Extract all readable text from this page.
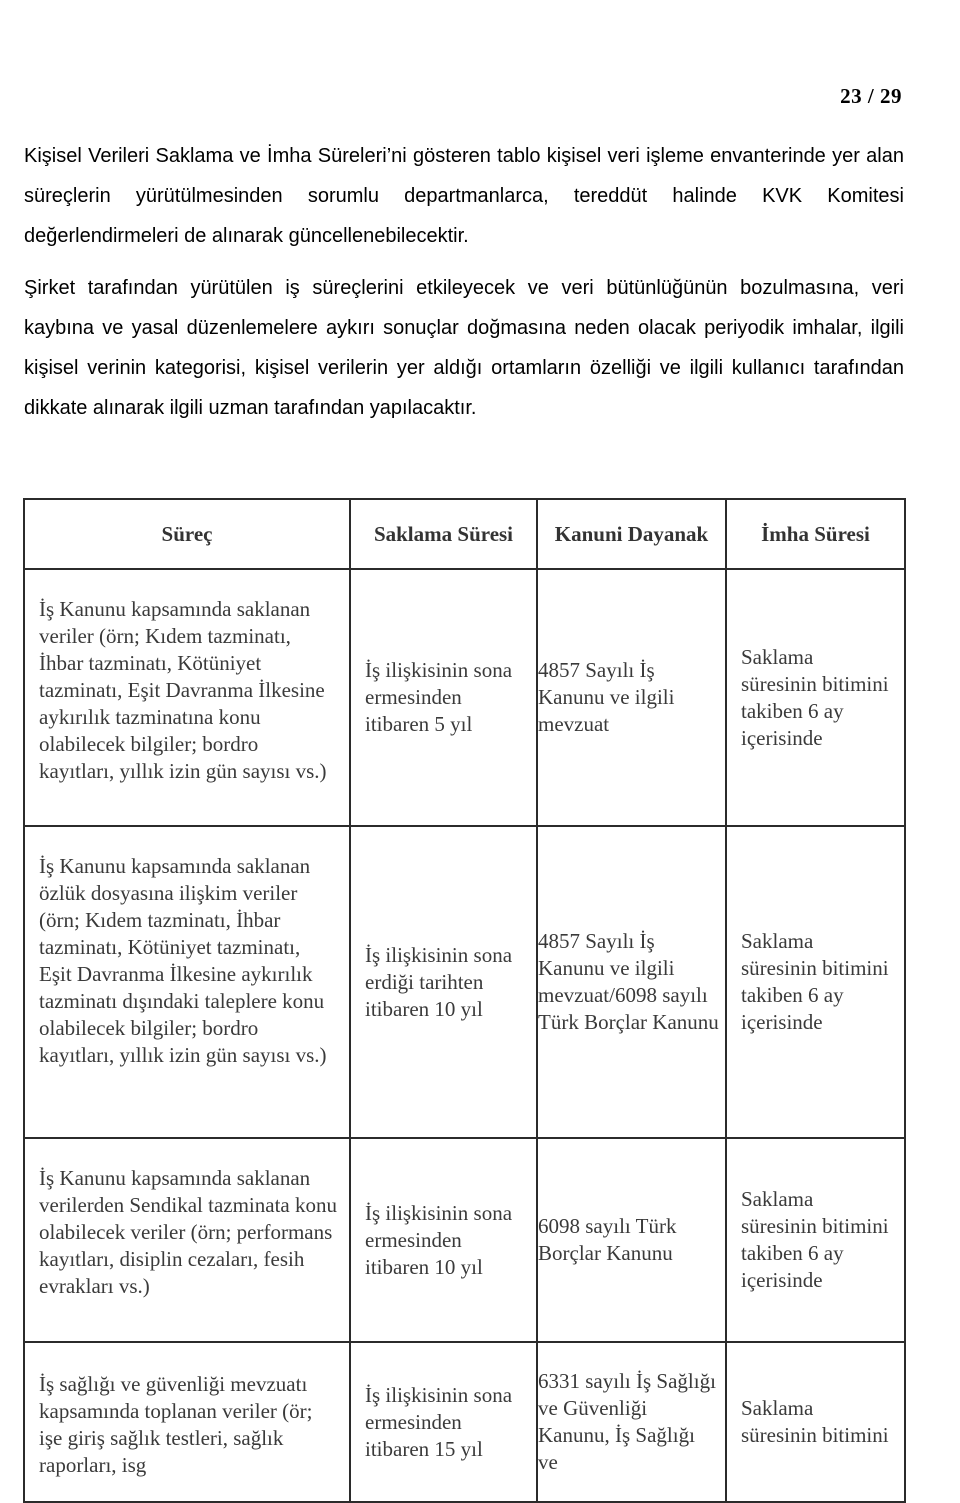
23 / 29

Kişisel Verileri Saklama ve İmha Süreleri’ni gösteren tablo kişisel veri işleme envanterinde yer alan süreçlerin yürütülmesinden sorumlu departmanlarca, tereddüt halinde KVK Komitesi değerlendirmeleri de alınarak güncellenebilecektir.

Şirket tarafından yürütülen iş süreçlerini etkileyecek ve veri bütünlüğünün bozulmasına, veri kaybına ve yasal düzenlemelere aykırı sonuçlar doğmasına neden olacak periyodik imhalar, ilgili kişisel verinin kategorisi, kişisel verilerin yer aldığı ortamların özelliği ve ilgili kullanıcı tarafından dikkate alınarak ilgili uzman tarafından yapılacaktır.

Süreç	Saklama Süresi	Kanuni Dayanak	İmha Süresi

İş Kanunu kapsamında saklanan veriler (örn; Kıdem tazminatı, İhbar tazminatı, Kötüniyet tazminatı, Eşit Davranma İlkesine aykırılık tazminatına konu olabilecek bilgiler; bordro kayıtları, yıllık izin gün sayısı vs.)	İş ilişkisinin sona ermesinden itibaren 5 yıl	4857 Sayılı İş Kanunu ve ilgili mevzuat	Saklama süresinin bitimini takiben 6 ay içerisinde

İş Kanunu kapsamında saklanan özlük dosyasına ilişkim veriler (örn; Kıdem tazminatı, İhbar tazminatı, Kötüniyet tazminatı, Eşit Davranma İlkesine aykırılık tazminatı dışındaki taleplere konu olabilecek bilgiler; bordro kayıtları, yıllık izin gün sayısı vs.)	İş ilişkisinin sona erdiği tarihten itibaren 10 yıl	4857 Sayılı İş Kanunu ve ilgili mevzuat/6098 sayılı Türk Borçlar Kanunu	Saklama süresinin bitimini takiben 6 ay içerisinde

İş Kanunu kapsamında saklanan verilerden Sendikal tazminata konu olabilecek veriler (örn; performans kayıtları, disiplin cezaları, fesih evrakları vs.)	İş ilişkisinin sona ermesinden itibaren 10 yıl	6098 sayılı Türk Borçlar Kanunu	Saklama süresinin bitimini takiben 6 ay içerisinde

İş sağlığı ve güvenliği mevzuatı kapsamında toplanan veriler (ör; işe giriş sağlık testleri, sağlık raporları, isg	İş ilişkisinin sona ermesinden itibaren 15 yıl	6331 sayılı İş Sağlığı ve Güvenliği Kanunu, İş Sağlığı ve	Saklama süresinin bitimini
